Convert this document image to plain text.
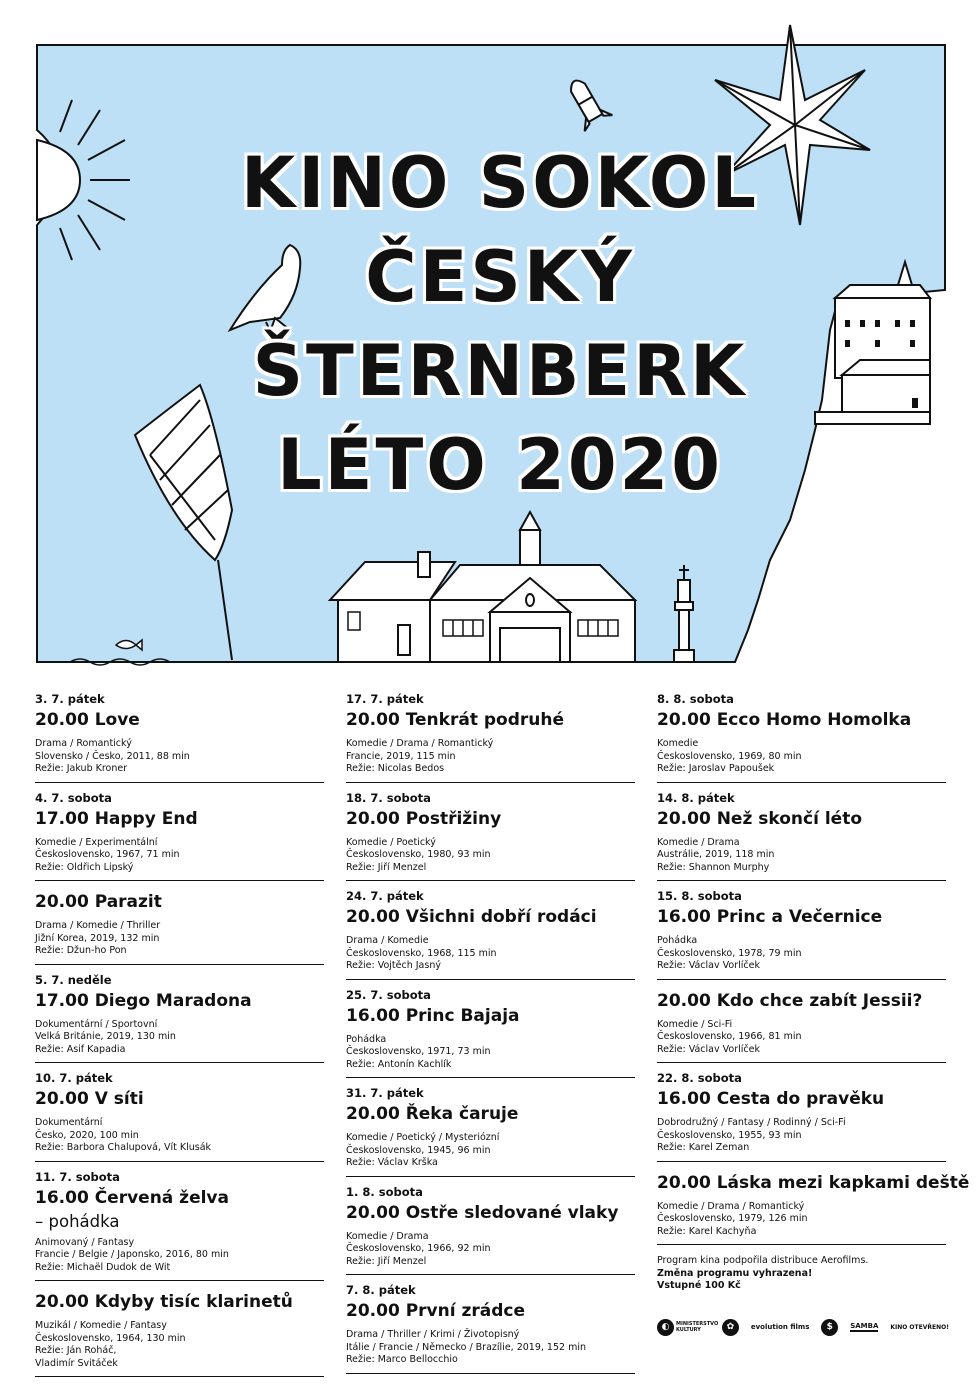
KINO SOKOL
ČESKÝ
ŠTERNBERK
LÉTO 2020
3. 7. pátek
20.00 Love
Drama / Romantický
Slovensko / Česko, 2011, 88 min
Režie: Jakub Kroner
4. 7. sobota
17.00 Happy End
Komedie / Experimentální
Československo, 1967, 71 min
Režie: Oldřich Lipský
20.00 Parazit
Drama / Komedie / Thriller
Jižní Korea, 2019, 132 min
Režie: Džun-ho Pon
5. 7. neděle
17.00 Diego Maradona
Dokumentární / Sportovní
Velká Británie, 2019, 130 min
Režie: Asif Kapadia
10. 7. pátek
20.00 V síti
Dokumentární
Česko, 2020, 100 min
Režie: Barbora Chalupová, Vít Klusák
11. 7. sobota
16.00 Červená želva
– pohádka
Animovaný / Fantasy
Francie / Belgie / Japonsko, 2016, 80 min
Režie: Michaël Dudok de Wit
20.00 Kdyby tisíc klarinetů
Muzikál / Komedie / Fantasy
Československo, 1964, 130 min
Režie: Ján Roháč,
Vladimír Svitáček
17. 7. pátek
20.00 Tenkrát podruhé
Komedie / Drama / Romantický
Francie, 2019, 115 min
Režie: Nicolas Bedos
18. 7. sobota
20.00 Postřižiny
Komedie / Poetický
Československo, 1980, 93 min
Režie: Jiří Menzel
24. 7. pátek
20.00 Všichni dobří rodáci
Drama / Komedie
Československo, 1968, 115 min
Režie: Vojtěch Jasný
25. 7. sobota
16.00 Princ Bajaja
Pohádka
Československo, 1971, 73 min
Režie: Antonín Kachlík
31. 7. pátek
20.00 Řeka čaruje
Komedie / Poetický / Mysteriózní
Československo, 1945, 96 min
Režie: Václav Krška
1. 8. sobota
20.00 Ostře sledované vlaky
Komedie / Drama
Československo, 1966, 92 min
Režie: Jiří Menzel
7. 8. pátek
20.00 První zrádce
Drama / Thriller / Krimi / Životopisný
Itálie / Francie / Německo / Brazílie, 2019, 152 min
Režie: Marco Bellocchio
8. 8. sobota
20.00 Ecco Homo Homolka
Komedie
Československo, 1969, 80 min
Režie: Jaroslav Papoušek
14. 8. pátek
20.00 Než skončí léto
Komedie / Drama
Austrálie, 2019, 118 min
Režie: Shannon Murphy
15. 8. sobota
16.00 Princ a Večernice
Pohádka
Československo, 1978, 79 min
Režie: Václav Vorlíček
20.00 Kdo chce zabít Jessii?
Komedie / Sci-Fi
Československo, 1966, 81 min
Režie: Václav Vorlíček
22. 8. sobota
16.00 Cesta do pravěku
Dobrodružný / Fantasy / Rodinný / Sci-Fi
Československo, 1955, 93 min
Režie: Karel Zeman
20.00 Láska mezi kapkami deště
Komedie / Drama / Romantický
Československo, 1979, 126 min
Režie: Karel Kachyňa
Program kina podpořila distribuce Aerofilms.
Změna programu vyhrazena!
Vstupné 100 Kč
◐	MINISTERSTVO KULTURY	✿	evolution films	$	SAMBA KINO OTEVŘENO!
